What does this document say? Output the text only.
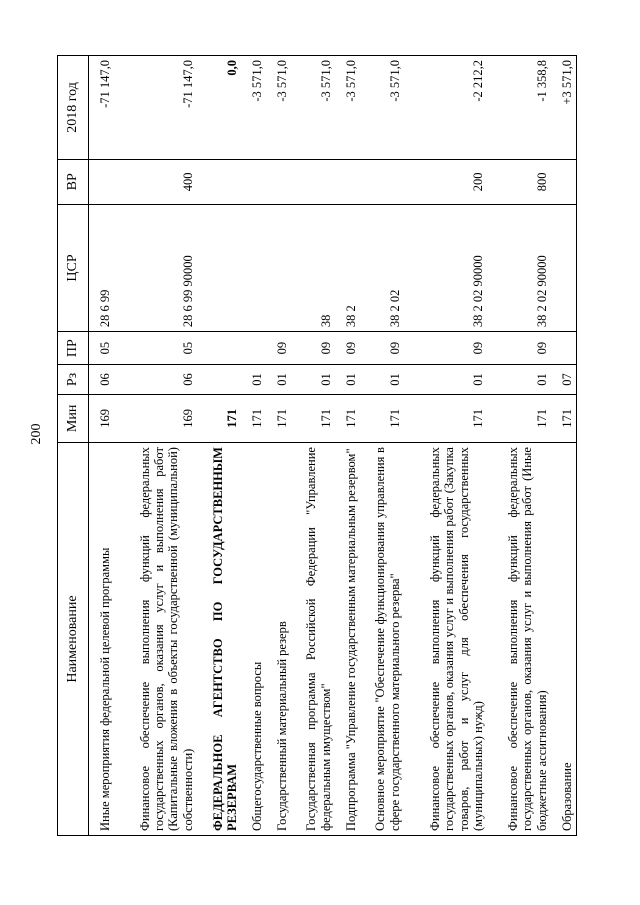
200
Наименование	Мин	Рз	ПР	ЦСР	ВР	2018 год
Иные мероприятия федеральной целевой программы	169	06	05	28 6 99		-71 147,0
Финансовое обеспечение выполнения функций федеральных государственных органов, оказания услуг и выполнения работ (Капитальные вложения в объекты государственной (муниципальной) собственности)	169	06	05	28 6 99 90000	400	-71 147,0
ФЕДЕРАЛЬНОЕ АГЕНТСТВО ПО ГОСУДАРСТВЕННЫМ РЕЗЕРВАМ	171					0,0
Общегосударственные вопросы	171	01				-3 571,0
Государственный материальный резерв	171	01	09			-3 571,0
Государственная программа Российской Федерации "Управление федеральным имуществом"	171	01	09	38		-3 571,0
Подпрограмма "Управление государственным материальным резервом"	171	01	09	38 2		-3 571,0
Основное мероприятие "Обеспечение функционирования управления в сфере государственного материального резерва"	171	01	09	38 2 02		-3 571,0
Финансовое обеспечение выполнения функций федеральных государственных органов, оказания услуг и выполнения работ (Закупка товаров, работ и услуг для обеспечения государственных (муниципальных) нужд)	171	01	09	38 2 02 90000	200	-2 212,2
Финансовое обеспечение выполнения функций федеральных государственных органов, оказания услуг и выполнения работ (Иные бюджетные ассигнования)	171	01	09	38 2 02 90000	800	-1 358,8
Образование	171	07				+3 571,0
